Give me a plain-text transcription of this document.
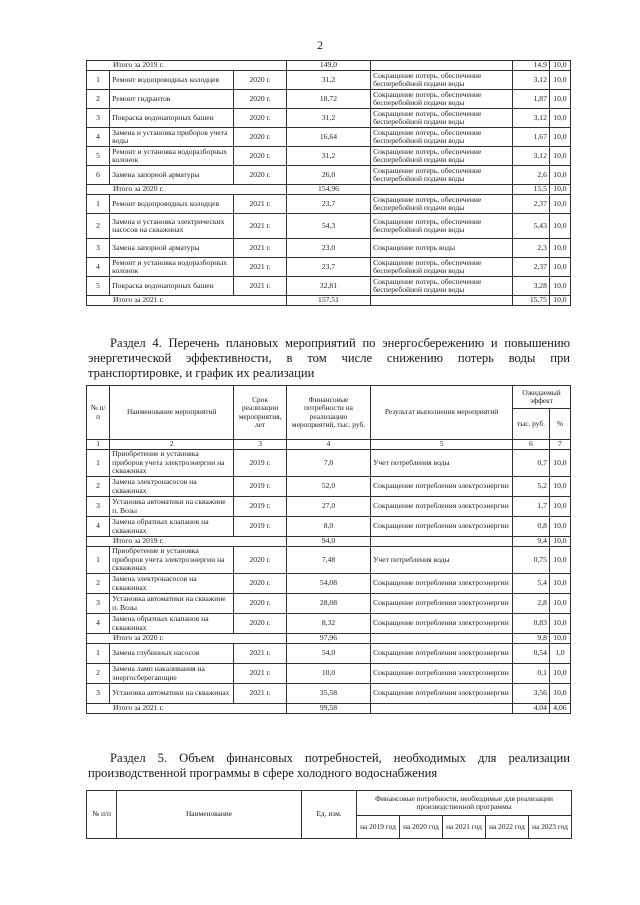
2
Итого за 2019 г.			149,0		14,9	10,0
1	Ремонт водопроводных колодцев	2020 г.	31,2	Сокращение потерь, обеспечение бесперебойной подачи воды	3,12	10,0
2	Ремонт гидрантов	2020 г.	18,72	Сокращение потерь, обеспечение бесперебойной подачи воды	1,87	10,0
3	Покраска водонапорных башен	2020 г.	31,2	Сокращение потерь, обеспечение бесперебойной подачи воды	3,12	10,0
4	Замена и установка приборов учета воды	2020 г.	16,64	Сокращение потерь, обеспечение бесперебойной подачи воды	1,67	10,0
5	Ремонт и установка водоразборных колонок	2020 г.	31,2	Сокращение потерь, обеспечение бесперебойной подачи воды	3,12	10,0
6	Замена запорной арматуры	2020 г.	26,0	Сокращение потерь, обеспечение бесперебойной подачи воды	2,6	10,0
Итого за 2020 г.			154,96		15,5	10,0
1	Ремонт водопроводных колодцев	2021 г.	23,7	Сокращение потерь, обеспечение бесперебойной подачи воды	2,37	10,0
2	Замена и установка электрических насосов на скважинах	2021 г.	54,3	Сокращение потерь, обеспечение бесперебойной подачи воды	5,43	10,0
3	Замена запорной арматуры	2021 г.	23,0	Сокращение потерь воды	2,3	10,0
4	Ремонт и установка водоразборных колонок	2021 г.	23,7	Сокращение потерь, обеспечение бесперебойной подачи воды	2,37	10,0
5	Покраска водонапорных башен	2021 г.	32,81	Сокращение потерь, обеспечение бесперебойной подачи воды	3,28	10,0
Итого за 2021 г.			157,51		15,75	10,0
Раздел 4. Перечень плановых мероприятий по энергосбережению и повышению энергетической эффективности, в том числе снижению потерь воды при транспортировке, и график их реализации
№ п/п	Наименование мероприятий	Срок реализации мероприятия, лет	Финансовые потребности на реализацию мероприятий, тыс. руб.	Результат выполнения мероприятий	Ожидаемый эффект	
					тыс. руб.	%
1	2	3	4	5	6	7
1	Приобретение и установка приборов учета электроэнергии на скважинах	2019 г.	7,0	Учет потребления воды	0,7	10,0
2	Замена электронасосов на скважинах	2019 г.	52,0	Сокращение потребления электроэнергии	5,2	10,0
3	Установка автоматики на скважине п. Возы	2019 г.	27,0	Сокращение потребления электроэнергии	1,7	10,0
4	Замена обратных клапанов на скважинах	2019 г.	8,0	Сокращение потребления электроэнергии	0,8	10,0
Итого за 2019 г.			94,0		9,4	10,0
1	Приобретение и установка приборов учета электроэнергии на скважинах	2020 г.	7,48	Учет потребления воды	0,75	10,0
2	Замена электронасосов на скважинах	2020 г.	54,08	Сокращение потребления электроэнергии	5,4	10,0
3	Установка автоматики на скважине п. Возы	2020 г.	28,08	Сокращение потребления электроэнергии	2,8	10,0
4	Замена обратных клапанов на скважинах	2020 г.	8,32	Сокращение потребления электроэнергии	0,83	10,0
Итого за 2020 г.			97,96		9,8	10,0
1	Замена глубинных насосов	2021 г.	54,0	Сокращение потребления электроэнергии	0,54	1,0
2	Замена ламп накаливания на энергосберегающие	2021 г.	10,0	Сокращение потребления электроэнергии	0,1	10,0
3	Установка автоматики на скважинах	2021 г.	35,58	Сокращение потребления электроэнергии	3,56	10,0
Итого за 2021 г.			99,58		4,04	4,06
Раздел 5. Объем финансовых потребностей, необходимых для реализации производственной программы в сфере холодного водоснабжения
№ п/п	Наименование	Ед. изм.	Финансовые потребности, необходимые для реализации производственной программы				
			на 2019 год	на 2020 год	на 2021 год	на 2022 год	на 2023 год
